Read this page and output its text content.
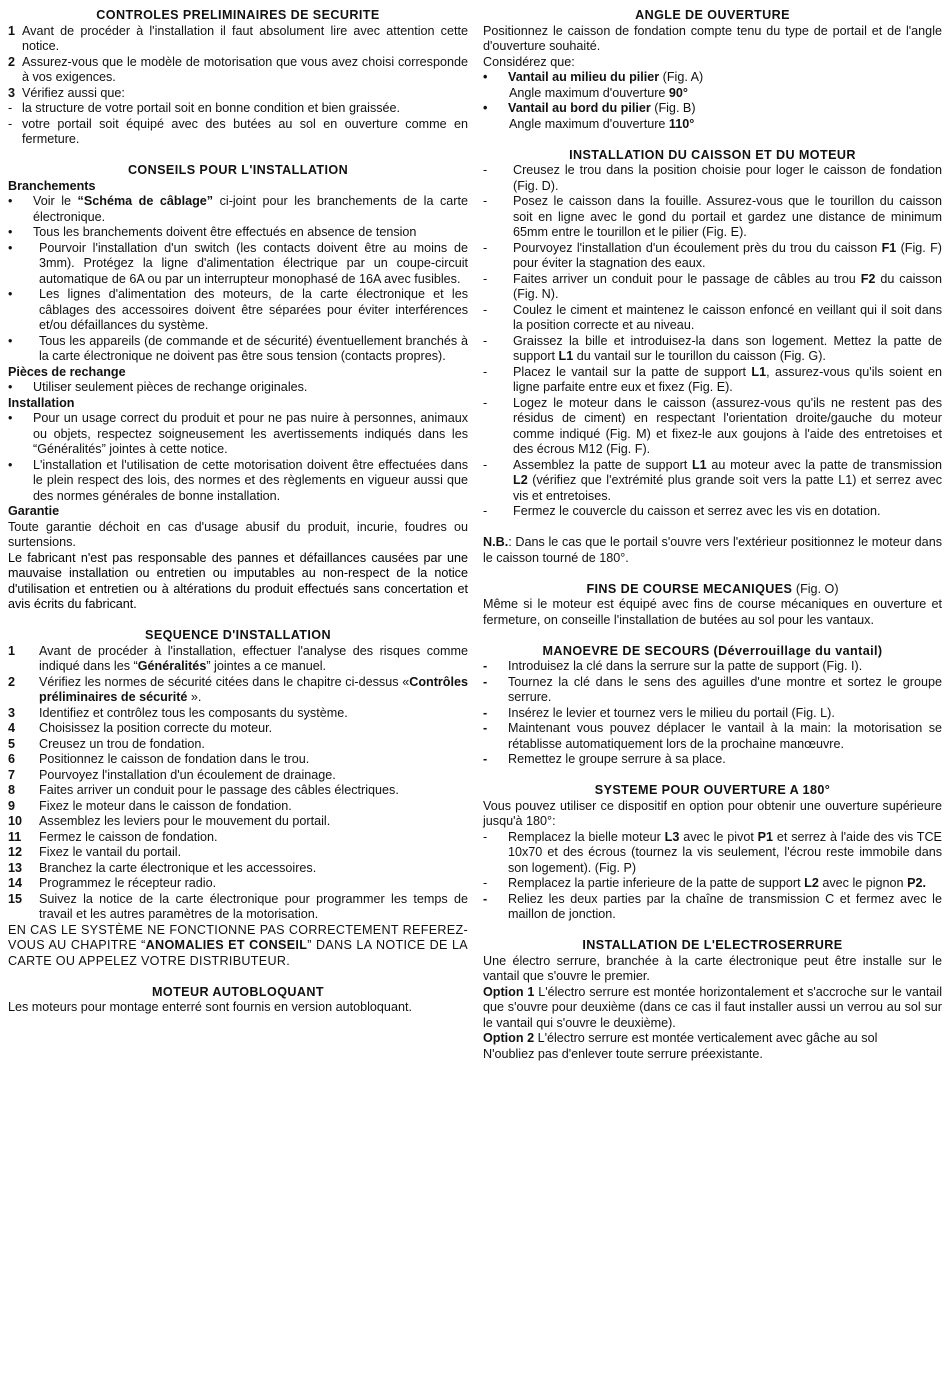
CONTROLES PRELIMINAIRES DE SECURITE
1 Avant de procéder à l'installation il faut absolument lire avec attention cette notice.
2 Assurez-vous que le modèle de motorisation que vous avez choisi corresponde à vos exigences.
3 Vérifiez aussi que:
- la structure de votre portail soit en bonne condition et bien graissée.
- votre portail soit équipé avec des butées au sol en ouverture comme en fermeture.
CONSEILS POUR L'INSTALLATION
Branchements
•	Voir le “Schéma de câblage” ci-joint pour les branchements de la carte électronique.
•	Tous les branchements doivent être effectués en absence de tension
•	Pourvoir l'installation d'un switch (les contacts doivent être au moins de 3mm). Protégez la ligne d'alimentation électrique par un coupe-circuit automatique de 6A ou par un interrupteur monophasé de 16A avec fusibles.
•	Les lignes d'alimentation des moteurs, de la carte électronique et les câblages des accessoires doivent être séparées pour éviter interférences et/ou défaillances du système.
•	Tous les appareils (de commande et de sécurité) éventuellement branchés à la carte électronique ne doivent pas être sous tension (contacts propres).
Pièces de rechange
•	Utiliser seulement pièces de rechange originales.
Installation
•	Pour un usage correct du produit et pour ne pas nuire à personnes, animaux ou objets, respectez soigneusement les avertissements indiqués dans les “Généralités” jointes à cette notice.
•	L'installation et l'utilisation de cette motorisation doivent être effectuées dans le plein respect des lois, des normes et des règlements en vigueur aussi que des normes générales de bonne installation.
Garantie

Toute garantie déchoit en cas d'usage abusif du produit, incurie, foudres ou surtensions.

Le fabricant n'est pas responsable des pannes et défaillances causées par une mauvaise installation ou entretien ou imputables au non-respect de la notice d'utilisation et entretien ou à altérations du produit effectués sans concertation et avis écrits du fabricant.

SEQUENCE D'INSTALLATION
1	Avant de procéder à l'installation, effectuer l'analyse des risques comme indiqué dans les “Généralités” jointes a ce manuel.
2	Vérifiez les normes de sécurité citées dans le chapitre ci-dessus «Contrôles préliminaires de sécurité ».
3	Identifiez et contrôlez tous les composants du système.
4	Choisissez la position correcte du moteur.
5	Creusez un trou de fondation.
6	Positionnez le caisson de fondation dans le trou.
7	Pourvoyez l'installation d'un écoulement de drainage.
8	Faites arriver un conduit pour le passage des câbles électriques.
9	Fixez le moteur dans le caisson de fondation.
10	Assemblez les leviers pour le mouvement du portail.
11	Fermez le caisson de fondation.
12	Fixez le vantail du portail.
13	Branchez la carte électronique et les accessoires.
14	Programmez le récepteur radio.
15	Suivez la notice de la carte électronique pour programmer les temps de travail et les autres paramètres de la motorisation.

EN CAS LE SYSTÈME NE FONCTIONNE PAS CORRECTEMENT REFEREZ-VOUS AU CHAPITRE “ANOMALIES ET CONSEIL” DANS LA NOTICE DE LA CARTE OU APPELEZ VOTRE DISTRIBUTEUR.

MOTEUR AUTOBLOQUANT

Les moteurs pour montage enterré sont fournis en version autobloquant.

ANGLE DE OUVERTURE

Positionnez le caisson de fondation compte tenu du type de portail et de l'angle d'ouverture souhaité.

Considérez que:

•	Vantail au milieu du pilier (Fig. A)
Angle maximum d'ouverture 90°
•	Vantail au bord du pilier (Fig. B)
Angle maximum d'ouverture 110°
INSTALLATION DU CAISSON ET DU MOTEUR
-	Creusez le trou dans la position choisie pour loger le caisson de fondation (Fig. D).
-	Posez le caisson dans la fouille. Assurez-vous que le tourillon du caisson soit en ligne avec le gond du portail et gardez une distance de minimum 65mm entre le tourillon et le pilier (Fig. E).
-	Pourvoyez l'installation d'un écoulement près du trou du caisson F1 (Fig. F) pour éviter la stagnation des eaux.
-	Faites arriver un conduit pour le passage de câbles au trou F2 du caisson (Fig. N).
-	Coulez le ciment et maintenez le caisson enfoncé en veillant qui il soit dans la position correcte et au niveau.
-	Graissez la bille et introduisez-la dans son logement. Mettez la patte de support L1 du vantail sur le tourillon du caisson (Fig. G).
-	Placez le vantail sur la patte de support L1, assurez-vous qu'ils soient en ligne parfaite entre eux et fixez (Fig. E).
-	Logez le moteur dans le caisson (assurez-vous qu'ils ne restent pas des résidus de ciment) en respectant l'orientation droite/gauche du moteur comme indiqué (Fig. M) et fixez-le aux goujons à l'aide des entretoises et des écrous M12 (Fig. F).
-	Assemblez la patte de support L1 au moteur avec la patte de transmission L2 (vérifiez que l'extrémité plus grande soit vers la patte L1) et serrez avec vis et entretoises.
-	Fermez le couvercle du caisson et serrez avec les vis en dotation.

N.B.: Dans le cas que le portail s'ouvre vers l'extérieur positionnez le moteur dans le caisson tourné de 180°.

FINS DE COURSE MECANIQUES (Fig. O)

Même si le moteur est équipé avec fins de course mécaniques en ouverture et fermeture, on conseille l'installation de butées au sol pour les vantaux.

MANOEVRE DE SECOURS (Déverrouillage du vantail)
-	Introduisez la clé dans la serrure sur la patte de support (Fig. I).
-	Tournez la clé dans le sens des aguilles d'une montre et sortez le groupe serrure.
-	Insérez le levier et tournez vers le milieu du portail (Fig. L).
-	Maintenant vous pouvez déplacer le vantail à la main: la motorisation se rétablisse automatiquement lors de la prochaine manœuvre.
-	Remettez le groupe serrure à sa place.
SYSTEME POUR OUVERTURE A 180°

Vous pouvez utiliser ce dispositif en option pour obtenir une ouverture supérieure jusqu'à 180°:

-	Remplacez la bielle moteur L3 avec le pivot P1 et serrez à l'aide des vis TCE 10x70 et des écrous (tournez la vis seulement, l'écrou reste immobile dans son logement). (Fig. P)
-	Remplacez la partie inferieure de la patte de support L2 avec le pignon P2.
-	Reliez les deux parties par la chaîne de transmission C et fermez avec le maillon de jonction.
INSTALLATION DE L'ELECTROSERRURE

Une électro serrure, branchée à la carte électronique peut être installe sur le vantail que s'ouvre le premier.

Option 1 L'électro serrure est montée horizontalement et s'accroche sur le vantail que s'ouvre pour deuxième (dans ce cas il faut installer aussi un verrou au sol sur le vantail qui s'ouvre le deuxième).

Option 2 L'électro serrure est montée verticalement avec gâche au sol

N'oubliez pas d'enlever toute serrure préexistante.
